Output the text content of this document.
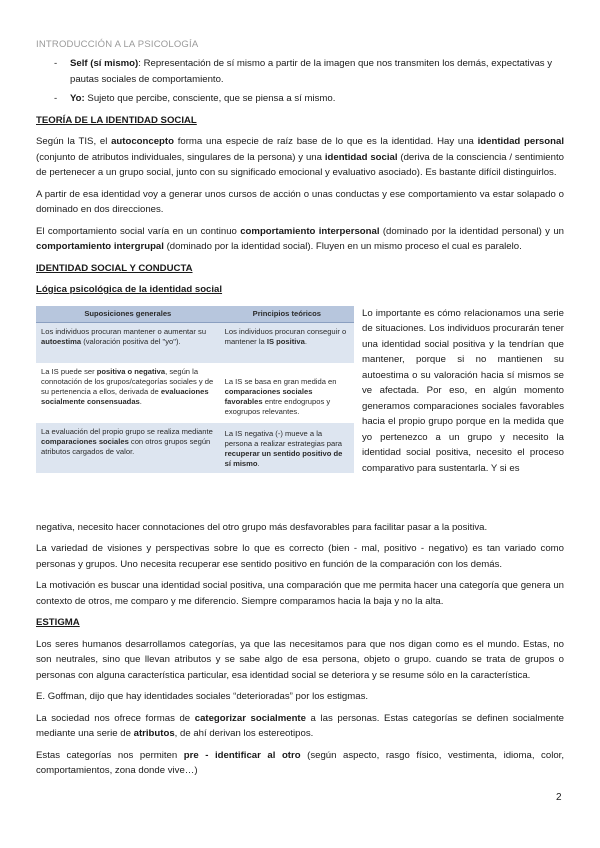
INTRODUCCIÓN A LA PSICOLOGÍA
- Self (sí mismo): Representación de sí mismo a partir de la imagen que nos transmiten los demás, expectativas y pautas sociales de comportamiento.
- Yo: Sujeto que percibe, consciente, que se piensa a sí mismo.
TEORÍA DE LA IDENTIDAD SOCIAL

Según la TIS, el autoconcepto forma una especie de raíz base de lo que es la identidad. Hay una identidad personal (conjunto de atributos individuales, singulares de la persona) y una identidad social (deriva de la consciencia / sentimiento de pertenecer a un grupo social, junto con su significado emocional y evaluativo asociado). Es bastante difícil distinguirlos.

A partir de esa identidad voy a generar unos cursos de acción o unas conductas y ese comportamiento va estar solapado o dominado en dos direcciones.

El comportamiento social varía en un continuo comportamiento interpersonal (dominado por la identidad personal) y un comportamiento intergrupal (dominado por la identidad social). Fluyen en un mismo proceso el cual es paralelo.

IDENTIDAD SOCIAL Y CONDUCTA
Lógica psicológica de la identidad social
Suposiciones generales	Principios teóricos
Los individuos procuran mantener o aumentar su autoestima (valoración positiva del "yo").	Los individuos procuran conseguir o mantener la IS positiva.
La IS puede ser positiva o negativa, según la connotación de los grupos/categorías sociales y de su pertenencia a ellos, derivada de evaluaciones socialmente consensuadas.	La IS se basa en gran medida en comparaciones sociales favorables entre endogrupos y exogrupos relevantes.
La evaluación del propio grupo se realiza mediante comparaciones sociales con otros grupos según atributos cargados de valor.	La IS negativa (-) mueve a la persona a realizar estrategias para recuperar un sentido positivo de sí mismo.

Lo importante es cómo relacionamos una serie de situaciones. Los individuos procurarán tener una identidad social positiva y la tendrían que mantener, porque si no mantienen su autoestima o su valoración hacia sí mismos se ve afectada. Por eso, en algún momento generamos comparaciones sociales favorables hacia el propio grupo porque en la medida que yo pertenezco a un grupo y necesito la identidad social positiva, necesito el proceso comparativo para sustentarla. Y si es

negativa, necesito hacer connotaciones del otro grupo más desfavorables para facilitar pasar a la positiva.

La variedad de visiones y perspectivas sobre lo que es correcto (bien - mal, positivo - negativo) es tan variado como personas y grupos. Uno necesita recuperar ese sentido positivo en función de la comparación con los demás.

La motivación es buscar una identidad social positiva, una comparación que me permita hacer una categoría que genera un contexto de otros, me comparo y me diferencio. Siempre comparamos hacia la baja y no la alta.

ESTIGMA

Los seres humanos desarrollamos categorías, ya que las necesitamos para que nos digan como es el mundo. Estas, no son neutrales, sino que llevan atributos y se sabe algo de esa persona, objeto o grupo. cuando se trata de grupos o personas con alguna característica particular, esa identidad social se deteriora y se resume sólo en la característica.

E. Goffman, dijo que hay identidades sociales “deterioradas” por los estigmas.

La sociedad nos ofrece formas de categorizar socialmente a las personas. Estas categorías se definen socialmente mediante una serie de atributos, de ahí derivan los estereotipos.

Estas categorías nos permiten pre - identificar al otro (según aspecto, rasgo físico, vestimenta, idioma, color, comportamientos, zona donde vive…)

2
